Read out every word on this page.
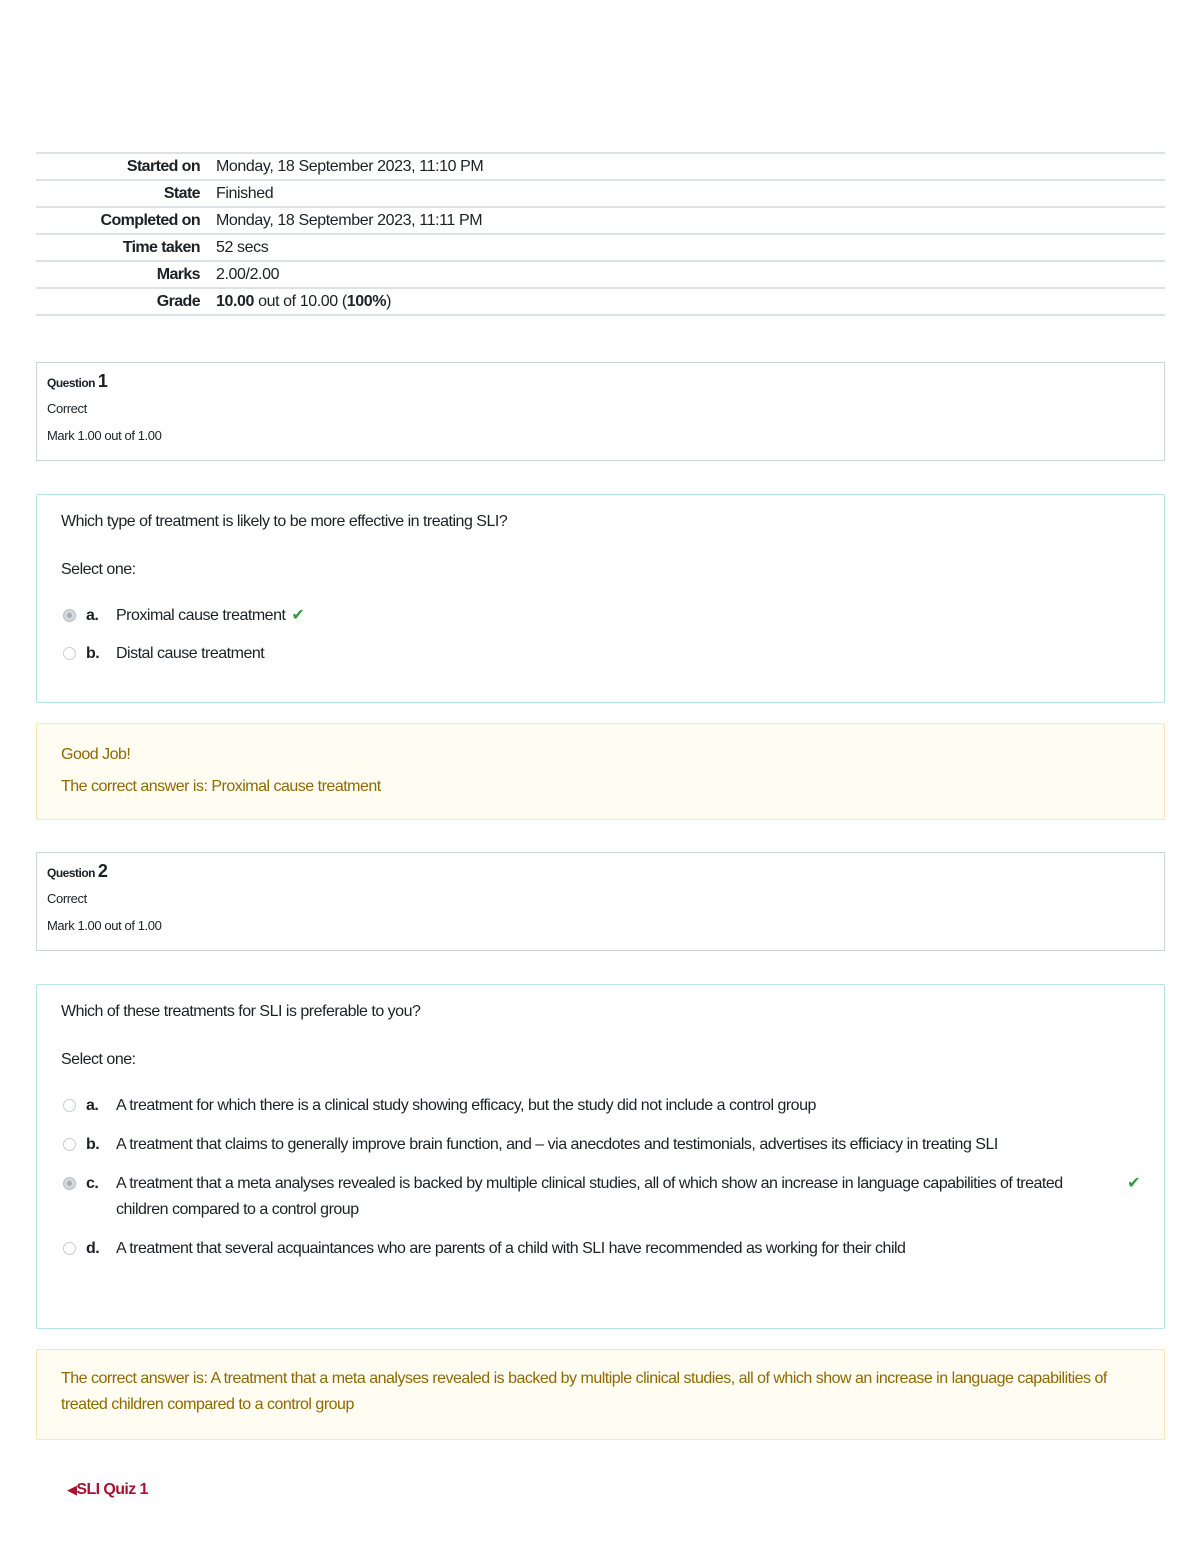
Started on	Monday, 18 September 2023, 11:10 PM
State	Finished
Completed on	Monday, 18 September 2023, 11:11 PM
Time taken	52 secs
Marks	2.00/2.00
Grade	10.00 out of 10.00 (100%)
Question 1
Correct
Mark 1.00 out of 1.00
Which type of treatment is likely to be more effective in treating SLI?
Select one:
a.	Proximal cause treatment ✔
b.	Distal cause treatment
Good Job!
The correct answer is: Proximal cause treatment
Question 2
Correct
Mark 1.00 out of 1.00
Which of these treatments for SLI is preferable to you?
Select one:
a.	A treatment for which there is a clinical study showing efficacy, but the study did not include a control group
b.	A treatment that claims to generally improve brain function, and – via anecdotes and testimonials, advertises its efficiacy in treating SLI
c.	A treatment that a meta analyses revealed is backed by multiple clinical studies, all of which show an increase in language capabilities of treated children compared to a control group
✔
d.	A treatment that several acquaintances who are parents of a child with SLI have recommended as working for their child
The correct answer is: A treatment that a meta analyses revealed is backed by multiple clinical studies, all of which show an increase in language capabilities of treated children compared to a control group
◀SLI Quiz 1
